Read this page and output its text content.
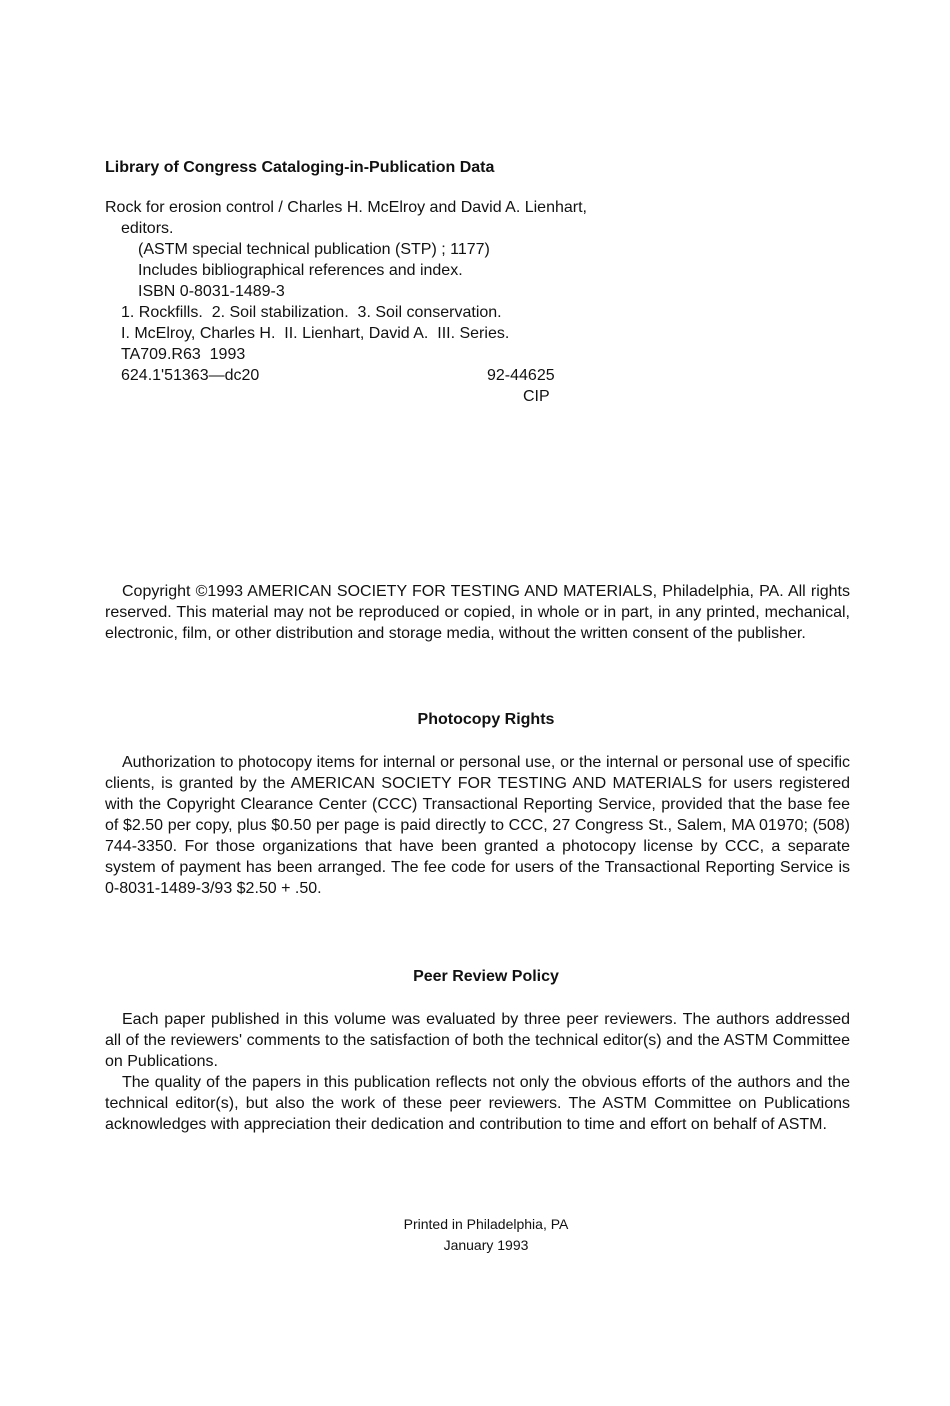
Library of Congress Cataloging-in-Publication Data
Rock for erosion control / Charles H. McElroy and David A. Lienhart,
editors.
(ASTM special technical publication (STP) ; 1177)
Includes bibliographical references and index.
ISBN 0-8031-1489-3
1. Rockfills.  2. Soil stabilization.  3. Soil conservation.
I. McElroy, Charles H.  II. Lienhart, David A.  III. Series.
TA709.R63  1993
624.1'51363—dc20	92-44625
CIP

Copyright ©1993 AMERICAN SOCIETY FOR TESTING AND MATERIALS, Philadelphia, PA. All rights reserved. This material may not be reproduced or copied, in whole or in part, in any printed, mechanical, electronic, film, or other distribution and storage media, without the written consent of the publisher.

Photocopy Rights

Authorization to photocopy items for internal or personal use, or the internal or personal use of specific clients, is granted by the AMERICAN SOCIETY FOR TESTING AND MATERIALS for users registered with the Copyright Clearance Center (CCC) Transactional Reporting Service, provided that the base fee of $2.50 per copy, plus $0.50 per page is paid directly to CCC, 27 Congress St., Salem, MA 01970; (508) 744-3350. For those organizations that have been granted a photocopy license by CCC, a separate system of payment has been arranged. The fee code for users of the Transactional Reporting Service is 0-8031-1489-3/93 $2.50 + .50.

Peer Review Policy

Each paper published in this volume was evaluated by three peer reviewers. The authors addressed all of the reviewers' comments to the satisfaction of both the technical editor(s) and the ASTM Committee on Publications.

The quality of the papers in this publication reflects not only the obvious efforts of the authors and the technical editor(s), but also the work of these peer reviewers. The ASTM Committee on Publications acknowledges with appreciation their dedication and contribution to time and effort on behalf of ASTM.

Printed in Philadelphia, PA
January 1993
